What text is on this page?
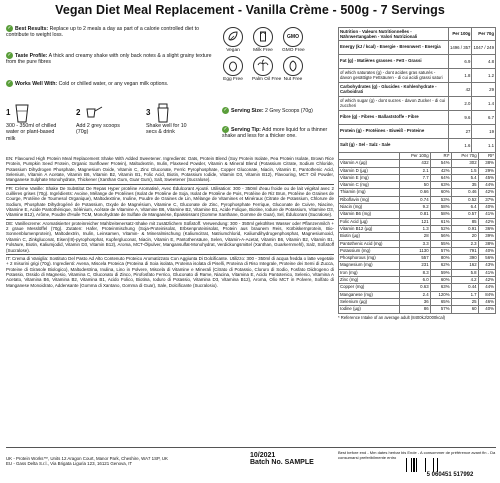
Vegan Diet Meal Replacement - Vanilla Crème - 500g - 7 Servings
✓ Best Results: Replace up to 2 meals a day as part of a calorie controlled diet to contribute to weight loss.
✓ Taste Profile: A thick and creamy shake with only back notes & a slight grainy texture from the pure fibres
✓ Works Well With: Cold or chilled water, or any vegan milk options.
Vegan	Milk Free
GMO
GMO Free
Egg Free Palm Oil Free Nut Free
1
300 - 350ml of chilled water or plant-based milk
2
Add 2 grey scoops (70g)
3
Shake well for 10 secs & drink
✓ Serving Size: 2 Grey Scoops (70g)
✓ Serving Tip: Add more liquid for a thinner shake and less for a thicker one.
EN: Flavoured High Protein Meal Replacement Shake With Added Sweetener. Ingredients: Oats, Protein Blend (Soy Protein Isolate, Pea Protein Isolate, Brown Rice Protein, Pumpkin Seed Protein, Organic Sunflower Protein), Maltodextrin, Inulin, Flaxseed Powder, Vitamin & Mineral Blend (Potassium Citrate, Sodium Chloride, Potassium Dihydrogen Phosphate, Magnesium Oxide, Vitamin C, Zinc Gluconate, Ferric Pyrophosphate, Copper Gluconate, Niacin, Vitamin E, Pantothenic Acid, Selenium, Vitamin A Acetate, Vitamin B6, Vitamin B2, Vitamin B1, Folic Acid, Biotin, Potassium Iodide, Vitamin D3, Vitamin B12), Flavouring, MCT Oil Powder, Manganese Sulphate Monohydrate, Thickener (Xanthan Gum, Guar Gum), Salt, Sweetener (Sucralose).
FR: Crème Vanille: Shake De Substitut De Repas Hyper protéine Aromatisé, Avec Édulcorant Ajouté. Utilisation: 300 - 350ml d'eau froide ou de lait végétal avec 2 cuillères grises (70g). Ingrédients: Avoine, Mélange de Protéines (Isolat de Protéine de Soja, Isolat de Protéine de Pois, Protéine de Riz Brun, Protéine de Graines de Courge, Protéine de Tournesol Organique), Maltodextrine, Inuline, Poudre de Graines de Lin, Mélange de Vitamines et Minéraux (Citrate de Potassium, Chlorure de Sodium, Phosphate Dihydrogéné de Potassium, Oxyde de Magnésium, Vitamine C, Gluconate de Zinc, Pyrophosphate Ferrique, Gluconate de Cuivre, Niacine, Vitamine E, Acide Pantothénique, Sélénium, Acétate de Vitamine A, Vitamine B6, Vitamine B2, Vitamine B1, Acide Folique, Biotine, Iodure de Potassium, Vitamine D3, Vitamine B12), Arôme, Poudre d'Huile TCM, Monohydrate de Sulfate de Manganèse, Épaississant (Gomme Xanthane, Gomme de Guar), Sel, Édulcorant (Sucralose).
DE: Vanillecreme: Aromatisierter proteinreicher Mahlzeitenersatz-Shake mit zusätzlichem Süßstoff. Verwendung: 300 - 350ml gekühltes Wasser oder Pflanzenmilch + 2 graue Messlöffel (70g). Zutaten: Hafer, Proteinmischung (Soja-Proteinisolat, Erbsenproteinisolat, Protein aus braunem Reis, Kürbiskernprotein, Bio-Sonnenblumenprotein), Maltodextrin, Inulin, Leinsamen, Vitamin- & Mineralmischung (Kaliumcitrat, Natriumchlorid, Kaliumdihydrogenphosphat, Magnesiumoxid, Vitamin C, Zinkgluconat, Eisen(III)-pyrophosphat, Kupfergluconat, Niacin, Vitamin E, Pantothensäure, Selen, Vitamin-A-Acetat, Vitamin B6, Vitamin B2, Vitamin B1, Folsäure, Biotin, Kaliumjodid, Vitamin D3, Vitamin B12), Aroma, MCT-Ölpulver, Mangansulfat-Monohydrat, Verdickungsmittel (Xanthan, Guarkernmehl), Salz, Süßstoff (Sucralose).
IT: Crema di Vaniglia: Sostituto Del Pasto Ad Alto Contenuto Proteico Aromatizzato Con Aggiunta Di Dolcificante. Utilizzo: 300 - 350ml di acqua fredda o latte vegetale + 2 misurini grigi (70g). Ingredienti: Avena, Miscela Proteica (Proteina di Soia isolata, Proteina isolata di Piselli, Proteina di Riso Integrale, Proteine dei Semi di Zucca, Proteine di Girasole Biologico), Maltodestrina, Inulina, Lino in Polvere, Miscela di Vitamine e Minerali (Citrato di Potassio, Cloruro di Sodio, Fosfato Diidrogeno di Potassio, Ossido di Magnesio, Vitamina C, Gluconato di Zinco, Pirofosfato Ferrico, Gluconato di Rame, Niacina, Vitamina E, Acido Pantotenico, Selenio, Vitamina A Acetato, Vitamina B6, Vitamina B2, Vitamina B1, Acido Folico, Biotina, Ioduro di Potassio, Vitamina D3, Vitamina B12), Aroma, Olio MCT in Polvere, Solfato di Manganese Monoidrato, Addensante (Gomma di Xantano, Gomma di Guar), Sale, Dolcificante (Sucralosio).
Nutrition - Valeurs Nutritionnelles - Nährwertangaben - Valori Nutrizionali	Per 100g	Per 70g
Energy (kJ / kcal) - Energie - Brennwert - Energia	1496 / 357	1047 / 249
Fat (g) - Matières grasses - Fett - Grassi	6.9	4.8
of which saturates (g) - dont acides gras saturés - davon gesättigte Fettsäuren - di cui acidi grassi saturi	1.8	1.2
Carbohydrates (g) - Glucides - Kohlenhydrate - Carboidrati	42	29
of which sugar (g) - dont sucres - davon Zucker - di cui zuccheri	2.0	1.4
Fibre (g) - Fibres - Ballaststoffe - Fibre	9.6	6.7
Protein (g) - Protéines - Eiweiß - Proteine	27	19
Salt (g) - Sel - Salz - Sale	1.6	1.1
	Per 100g	RI*	Per 70g	RI*
Vitamin A (µg)	432	54%	302	38%
Vitamin D (µg)	2.1	42%	1.5	29%
Vitamin E (mg)	7.7	64%	5.4	45%
Vitamin C (mg)	50	63%	35	44%
Thiamin (mg)	0.66	60%	0.46	42%
Riboflavin (mg)	0.74	53%	0.52	37%
Niacin (mg)	9.2	58%	6.4	40%
Vitamin B6 (mg)	0.81	58%	0.57	41%
Folic Acid (µg)	121	61%	85	42%
Vitamin B12 (µg)	1.3	52%	0.91	36%
Biotin (µg)	28	56%	20	39%
Pantothenic Acid (mg)	3.3	55%	2.3	38%
Potassium (mg)	1130	57%	791	40%
Phosphorous (mg)	557	80%	390	56%
Magnesium (mg)	231	62%	162	43%
Iron (mg)	8.3	59%	5.8	41%
Zinc (mg)	6.0	60%	4.2	42%
Copper (mg)	0.63	63%	0.44	44%
Manganese (mg)	2.4	120%	1.7	84%
Selenium (µg)	36	65%	25	46%
Iodine (µg)	86	57%	60	40%
* Reference Intake of an average adult (8400kJ/2000kcal)
UK - Protein Works™, Units 12 Aragon Court, Manor Park, Cheshire, WA7 1SP, UK
EU - Gass Delta S.r.l., Via Brigata Liguria 123, 16121 Genova, IT
10/2021
Batch No. SAMPLE
Best before end - Mm dates herbar bis Ende - A consommer de préférence avant fin - Da consumarsi preferibilmente entro
5 060451 517992
